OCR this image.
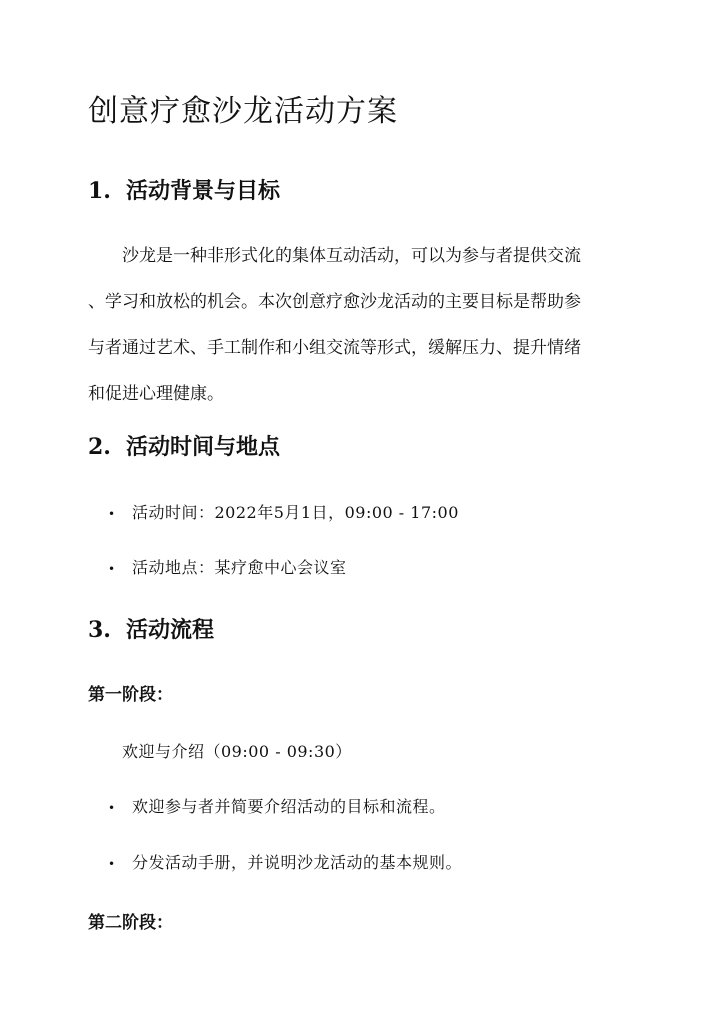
创意疗愈沙龙活动方案
1. 活动背景与目标
沙龙是一种非形式化的集体互动活动，可以为参与者提供交流
、学习和放松的机会。本次创意疗愈沙龙活动的主要目标是帮助参
与者通过艺术、手工制作和小组交流等形式，缓解压力、提升情绪
和促进心理健康。
2. 活动时间与地点
• 活动时间：2022年5月1日，09:00 - 17:00
• 活动地点：某疗愈中心会议室
3. 活动流程
第一阶段：
欢迎与介绍（09:00 - 09:30）
• 欢迎参与者并简要介绍活动的目标和流程。
• 分发活动手册，并说明沙龙活动的基本规则。
第二阶段：
